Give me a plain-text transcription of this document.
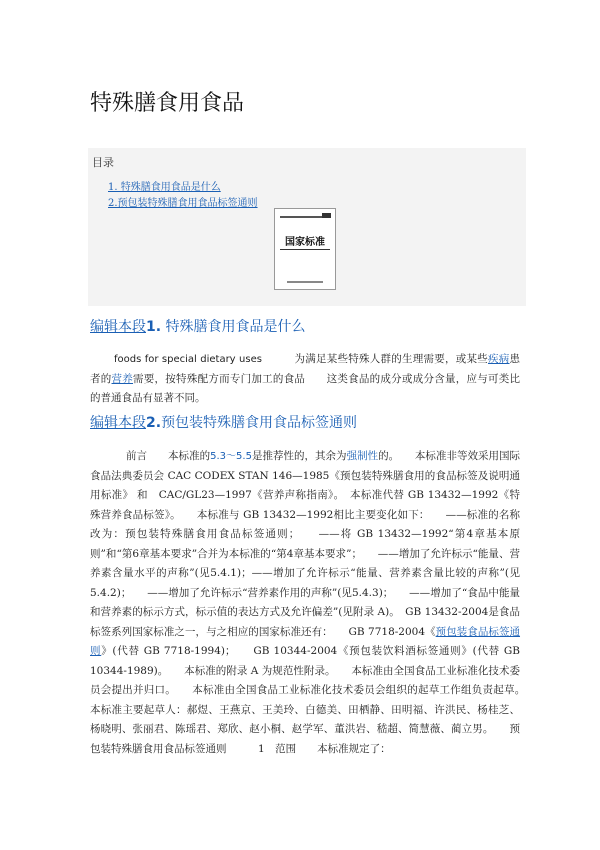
特殊膳食用食品
目录
1. 特殊膳食用食品是什么
2.预包装特殊膳食用食品标签通则
国家标准
编辑本段1. 特殊膳食用食品是什么
foods for special dietary uses　　　	为满足某些特殊人群的生理需要，或某些疾病患者的营养需要，按特殊配方而专门加工的食品　　这类食品的成分或成分含量，应与可类比的普通食品有显著不同。
编辑本段2.预包装特殊膳食用食品标签通则
前言　　本标准的5.3～5.5是推荐性的，其余为强制性的。　　本标准非等效采用国际食品法典委员会 CAC CODEX STAN 146—1985《预包装特殊膳食用的食品标签及说明通用标准》 和　CAC/GL23—1997《营养声称指南》。　本标准代替 GB 13432—1992《特殊营养食品标签》。　　本标准与 GB 13432—1992相比主要变化如下：　　——标准的名称改为：预包装特殊膳食用食品标签通则；　　——将 GB 13432—1992“第4章基本原则”和“第6章基本要求”合并为本标准的“第4章基本要求”；　　——增加了允许标示“能量、营养素含量水平的声称”(见5.4.1)；——增加了允许标示“能量、营养素含量比较的声称”(见5.4.2)；　　——增加了允许标示“营养素作用的声称”(见5.4.3)；　　——增加了“食品中能量和营养素的标示方式，标示值的表达方式及允许偏差”(见附录 A)。　GB 13432-2004是食品标签系列国家标准之一，与之相应的国家标准还有：　　GB 7718-2004《预包装食品标签通则》(代替 GB 7718-1994)；　　GB 10344-2004《预包装饮料酒标签通则》(代替 GB 10344-1989)。　　本标准的附录 A 为规范性附录。　　本标准由全国食品工业标准化技术委员会提出并归口。　　本标准由全国食品工业标准化技术委员会组织的起草工作组负责起草。　　本标准主要起草人：郝煜、王燕京、王美玲、白德美、田栖静、田明福、许洪民、杨桂芝、杨晓明、张丽君、陈瑶君、郑欣、赵小桐、赵学军、董洪岩、嵇超、简慧薇、蔺立男。　　预包装特殊膳食用食品标签通则　　　1　范围　　本标准规定了：
